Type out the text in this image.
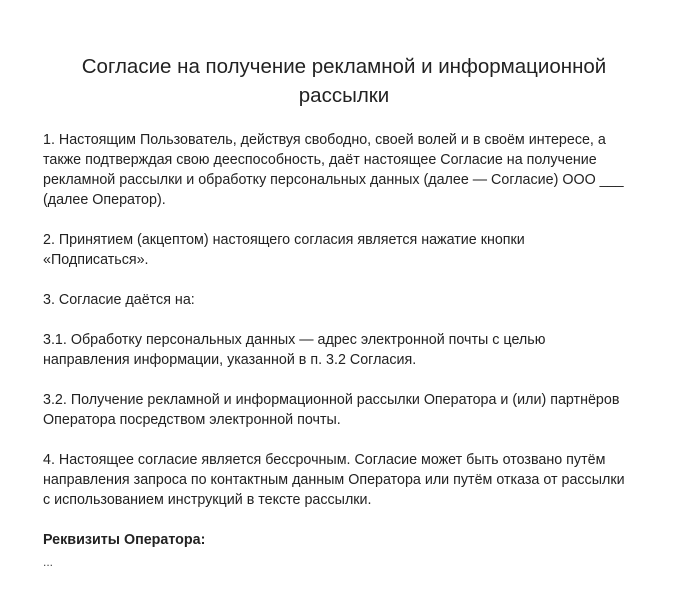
Согласие на получение рекламной и информационной
рассылки

1. Настоящим Пользователь, действуя свободно, своей волей и в своём интересе, а
также подтверждая свою дееспособность, даёт настоящее Согласие на получение
рекламной рассылки и обработку персональных данных (далее — Согласие) ООО ___
(далее Оператор).

2. Принятием (акцептом) настоящего согласия является нажатие кнопки
«Подписаться».

3. Согласие даётся на:

3.1. Обработку персональных данных — адрес электронной почты с целью
направления информации, указанной в п. 3.2 Согласия.

3.2. Получение рекламной и информационной рассылки Оператора и (или) партнёров
Оператора посредством электронной почты.

4. Настоящее согласие является бессрочным. Согласие может быть отозвано путём
направления запроса по контактным данным Оператора или путём отказа от рассылки
с использованием инструкций в тексте рассылки.

Реквизиты Оператора:

...
